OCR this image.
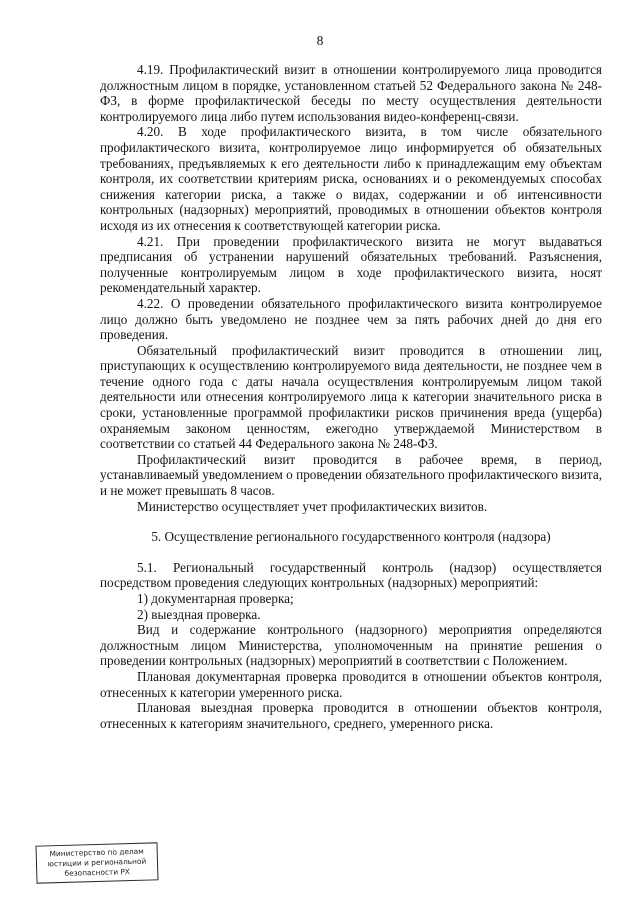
8

4.19. Профилактический визит в отношении контролируемого лица проводится должностным лицом в порядке, установленном статьей 52 Федерального закона № 248-ФЗ, в форме профилактической беседы по месту осуществления деятельности контролируемого лица либо путем использования видео-конференц-связи.

4.20. В ходе профилактического визита, в том числе обязательного профилактического визита, контролируемое лицо информируется об обязательных требованиях, предъявляемых к его деятельности либо к принадлежащим ему объектам контроля, их соответствии критериям риска, основаниях и о рекомендуемых способах снижения категории риска, а также о видах, содержании и об интенсивности контрольных (надзорных) мероприятий, проводимых в отношении объектов контроля исходя из их отнесения к соответствующей категории риска.

4.21. При проведении профилактического визита не могут выдаваться предписания об устранении нарушений обязательных требований. Разъяснения, полученные контролируемым лицом в ходе профилактического визита, носят рекомендательный характер.

4.22. О проведении обязательного профилактического визита контролируемое лицо должно быть уведомлено не позднее чем за пять рабочих дней до дня его проведения.

Обязательный профилактический визит проводится в отношении лиц, приступающих к осуществлению контролируемого вида деятельности, не позднее чем в течение одного года с даты начала осуществления контролируемым лицом такой деятельности или отнесения контролируемого лица к категории значительного риска в сроки, установленные программой профилактики рисков причинения вреда (ущерба) охраняемым законом ценностям, ежегодно утверждаемой Министерством в соответствии со статьей 44 Федерального закона № 248-ФЗ.

Профилактический визит проводится в рабочее время, в период, устанавливаемый уведомлением о проведении обязательного профилактического визита, и не может превышать 8 часов.

Министерство осуществляет учет профилактических визитов.

5. Осуществление регионального государственного контроля (надзора)

5.1. Региональный государственный контроль (надзор) осуществляется посредством проведения следующих контрольных (надзорных) мероприятий:

1) документарная проверка;

2) выездная проверка.

Вид и содержание контрольного (надзорного) мероприятия определяются должностным лицом Министерства, уполномоченным на принятие решения о проведении контрольных (надзорных) мероприятий в соответствии с Положением.

Плановая документарная проверка проводится в отношении объектов контроля, отнесенных к категории умеренного риска.

Плановая выездная проверка проводится в отношении объектов контроля, отнесенных к категориям значительного, среднего, умеренного риска.

Министерство по делам
юстиции и региональной
безопасности РХ
